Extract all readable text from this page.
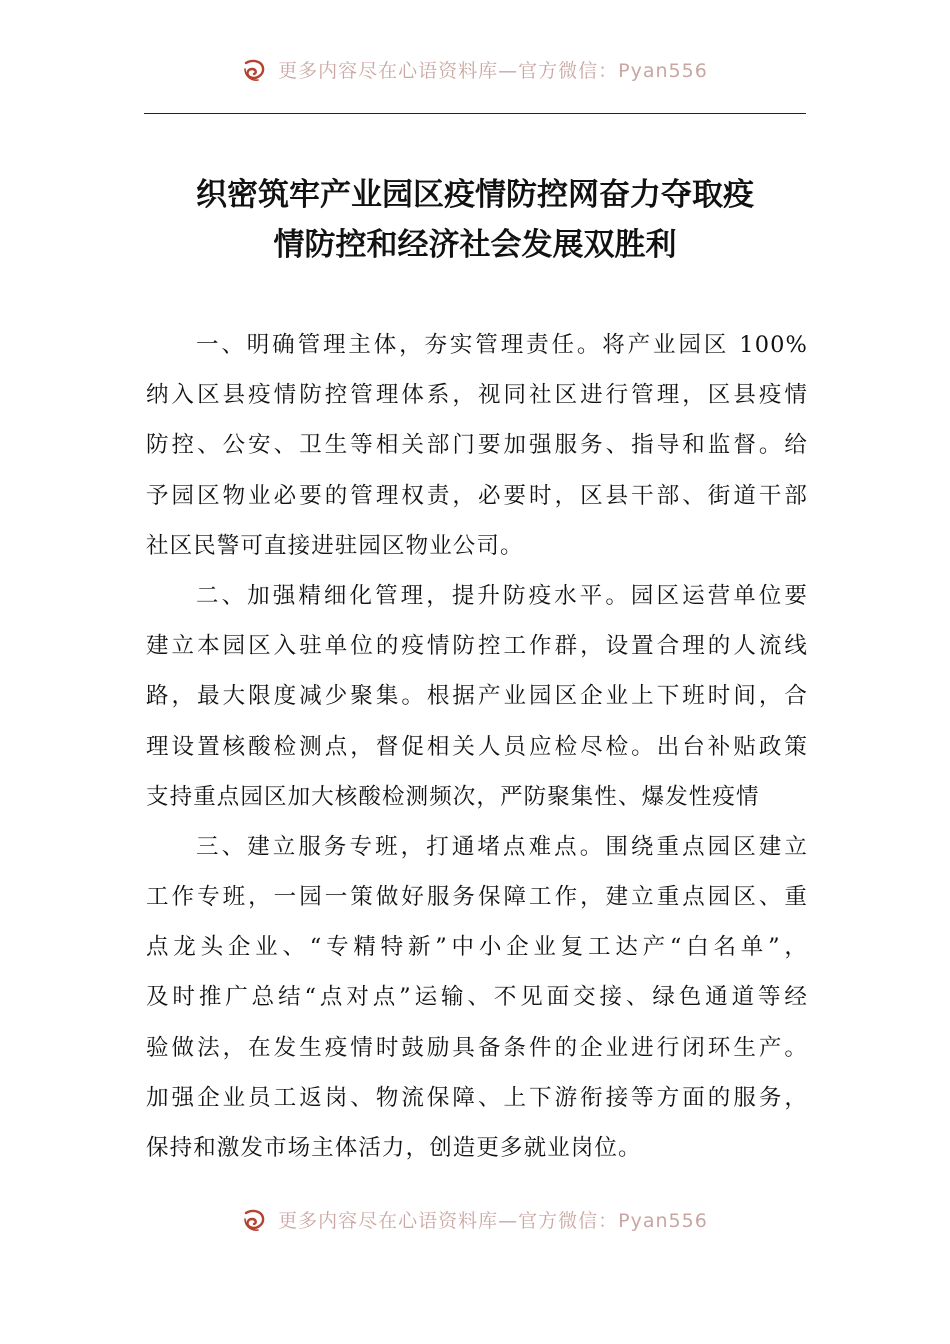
更多内容尽在心语资料库—官方微信：Pyan556
织密筑牢产业园区疫情防控网奋力夺取疫
情防控和经济社会发展双胜利
一、明确管理主体，夯实管理责任。将产业园区 100%
纳入区县疫情防控管理体系，视同社区进行管理，区县疫情
防控、公安、卫生等相关部门要加强服务、指导和监督。给
予园区物业必要的管理权责，必要时，区县干部、街道干部
社区民警可直接进驻园区物业公司。
二、加强精细化管理，提升防疫水平。园区运营单位要
建立本园区入驻单位的疫情防控工作群，设置合理的人流线
路，最大限度减少聚集。根据产业园区企业上下班时间，合
理设置核酸检测点，督促相关人员应检尽检。出台补贴政策
支持重点园区加大核酸检测频次，严防聚集性、爆发性疫情
三、建立服务专班，打通堵点难点。围绕重点园区建立
工作专班，一园一策做好服务保障工作，建立重点园区、重
点龙头企业、“专精特新”中小企业复工达产“白名单”，
及时推广总结“点对点”运输、不见面交接、绿色通道等经
验做法，在发生疫情时鼓励具备条件的企业进行闭环生产。
加强企业员工返岗、物流保障、上下游衔接等方面的服务，
保持和激发市场主体活力，创造更多就业岗位。
更多内容尽在心语资料库—官方微信：Pyan556
